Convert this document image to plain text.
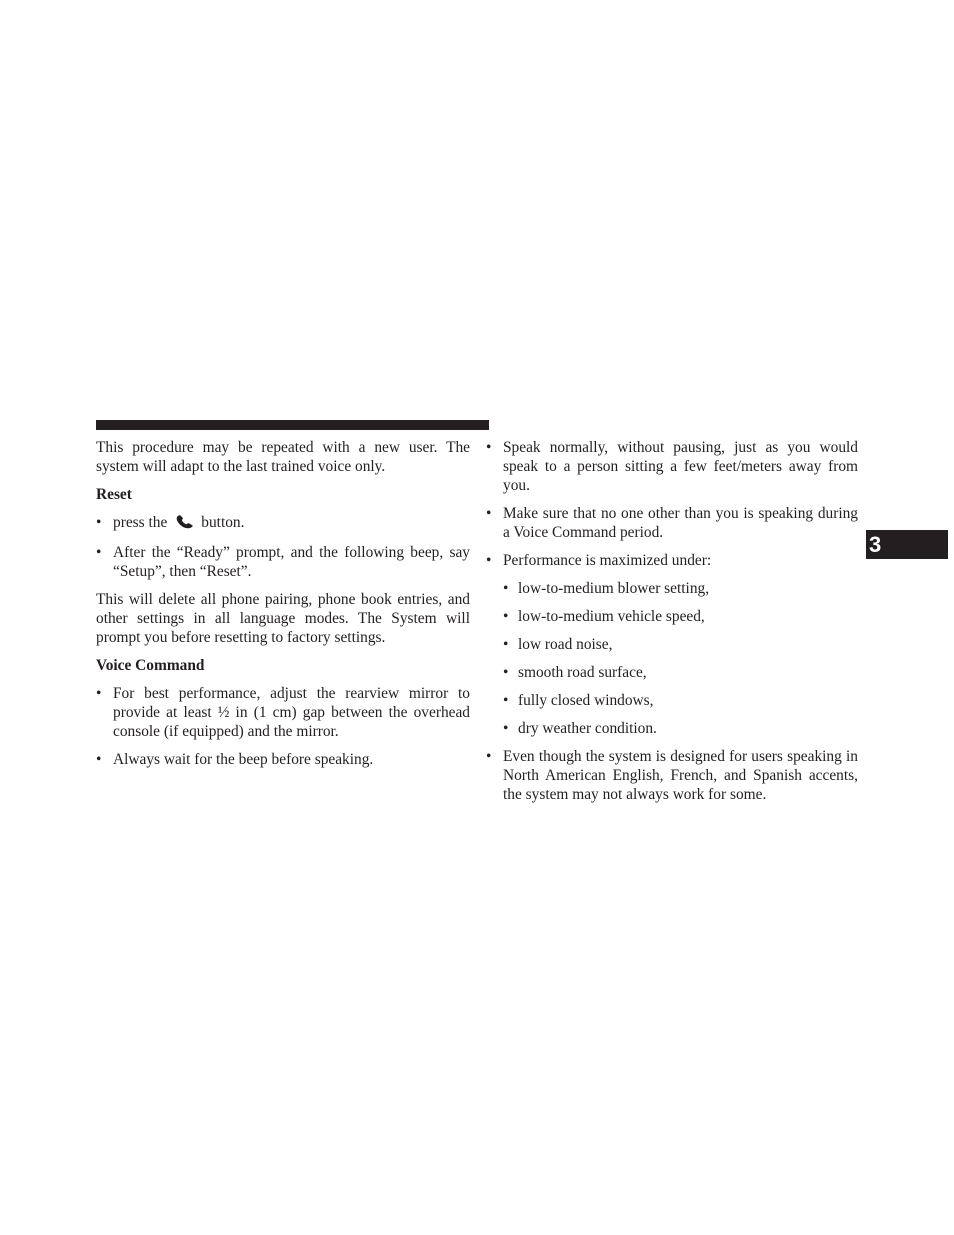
This procedure may be repeated with a new user. The system will adapt to the last trained voice only.

Reset

• press the button.
• After the “Ready” prompt, and the following beep, say “Setup”, then “Reset”.

This will delete all phone pairing, phone book entries, and other settings in all language modes. The System will prompt you before resetting to factory settings.

Voice Command

• For best performance, adjust the rearview mirror to provide at least ½ in (1 cm) gap between the overhead console (if equipped) and the mirror.
• Always wait for the beep before speaking.
• Speak normally, without pausing, just as you would speak to a person sitting a few feet/meters away from you.
• Make sure that no one other than you is speaking during a Voice Command period.
• Performance is maximized under:
• low-to-medium blower setting,
• low-to-medium vehicle speed,
• low road noise,
• smooth road surface,
• fully closed windows,
• dry weather condition.
• Even though the system is designed for users speaking in North American English, French, and Spanish accents, the system may not always work for some.
3
